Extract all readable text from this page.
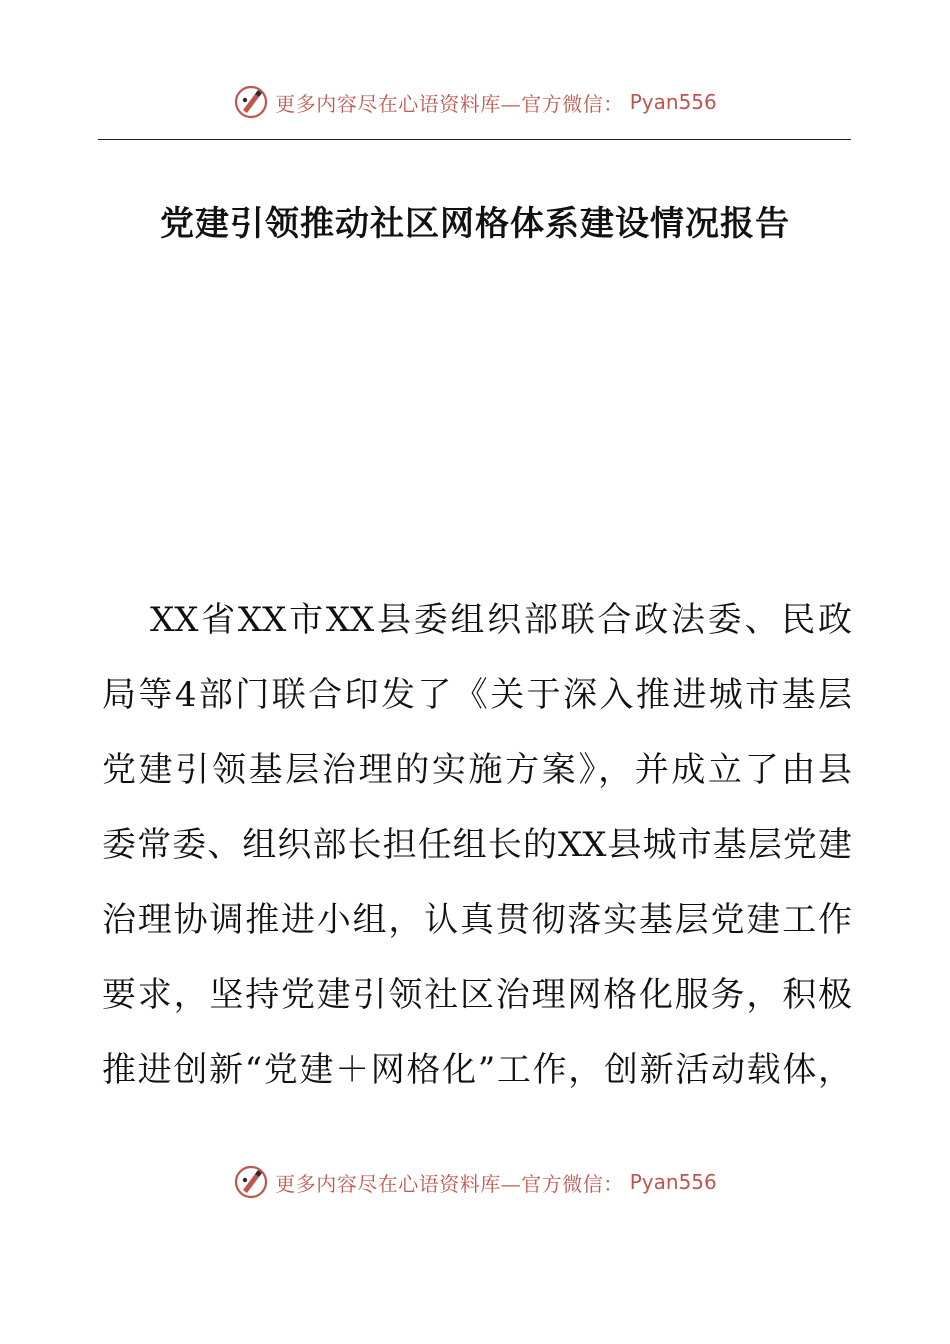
更多内容尽在心语资料库—官方微信： Pyan556
党建引领推动社区网格体系建设情况报告
XX省XX市XX县委组织部联合政法委、民政
局等4部门联合印发了《关于深入推进城市基层
党建引领基层治理的实施方案》，并成立了由县
委常委、组织部长担任组长的XX县城市基层党建
治理协调推进小组，认真贯彻落实基层党建工作
要求，坚持党建引领社区治理网格化服务，积极
推进创新“党建＋网格化”工作，创新活动载体，
更多内容尽在心语资料库—官方微信： Pyan556
